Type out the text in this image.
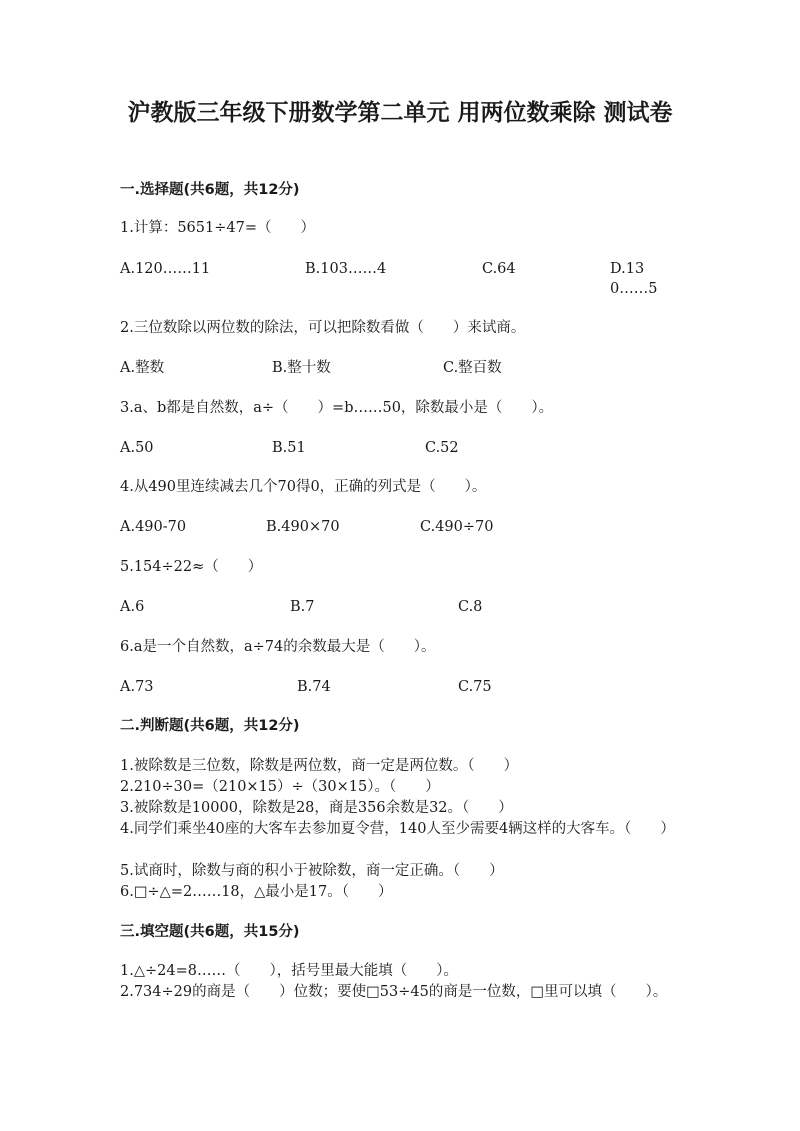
沪教版三年级下册数学第二单元 用两位数乘除 测试卷
一.选择题(共6题，共12分)
1.计算：5651÷47=（　　）
A.120……11	B.103……4	C.64	D.130……5
2.三位数除以两位数的除法，可以把除数看做（　　）来试商。
A.整数	B.整十数	C.整百数
3.a、b都是自然数，a÷（　　）=b……50，除数最小是（　　）。
A.50	B.51	C.52
4.从490里连续减去几个70得0，正确的列式是（　　）。
A.490-70	B.490×70	C.490÷70
5.154÷22≈（　　）
A.6	B.7	C.8
6.a是一个自然数，a÷74的余数最大是（　　）。
A.73	B.74	C.75
二.判断题(共6题，共12分)
1.被除数是三位数，除数是两位数，商一定是两位数。（　　）
2.210÷30=（210×15）÷（30×15）。（　　）
3.被除数是10000，除数是28，商是356余数是32。（　　）
4.同学们乘坐40座的大客车去参加夏令营，140人至少需要4辆这样的大客车。（　　）
5.试商时，除数与商的积小于被除数，商一定正确。（　　）
6.□÷△=2……18，△最小是17。（　　）
三.填空题(共6题，共15分)
1.△÷24=8……（　　），括号里最大能填（　　）。
2.734÷29的商是（　　）位数；要使□53÷45的商是一位数，□里可以填（　　）。
